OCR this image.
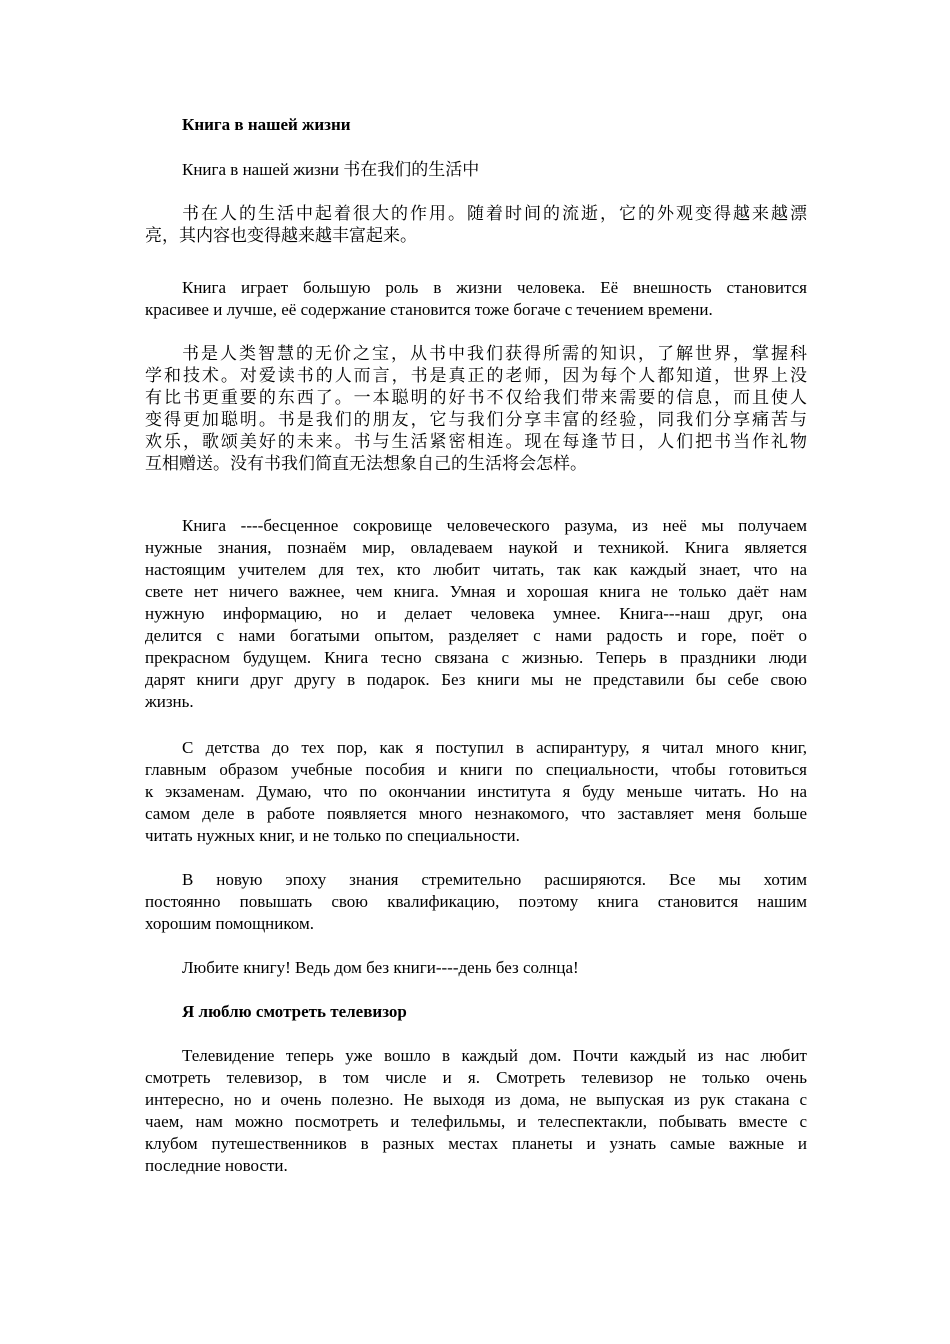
Книга в нашей жизни
Книга в нашей жизни 书在我们的生活中
书在人的生活中起着很大的作用。随着时间的流逝，它的外观变得越来越漂
亮，其内容也变得越来越丰富起来。
Книга играет большую роль в жизни человека. Её внешность становится
красивее и лучше, её содержание становится тоже богаче с течением времени.
书是人类智慧的无价之宝，从书中我们获得所需的知识，了解世界，掌握科
学和技术。对爱读书的人而言，书是真正的老师，因为每个人都知道，世界上没
有比书更重要的东西了。一本聪明的好书不仅给我们带来需要的信息，而且使人
变得更加聪明。书是我们的朋友，它与我们分享丰富的经验，同我们分享痛苦与
欢乐，歌颂美好的未来。书与生活紧密相连。现在每逢节日，人们把书当作礼物
互相赠送。没有书我们简直无法想象自己的生活将会怎样。
Книга ----бесценное сокровище человеческого разума, из неё мы получаем
нужные знания, познаём мир, овладеваем наукой и техникой. Книга является
настоящим учителем для тех, кто любит читать, так как каждый знает, что на
свете нет ничего важнее, чем книга. Умная и хорошая книга не только даёт нам
нужную информацию, но и делает человека умнее. Книга---наш друг, она
делится с нами богатыми опытом, разделяет с нами радость и горе, поёт о
прекрасном будущем. Книга тесно связана с жизнью. Теперь в праздники люди
дарят книги друг другу в подарок. Без книги мы не представили бы себе свою
жизнь.
С детства до тех пор, как я поступил в аспирантуру, я читал много книг,
главным образом учебные пособия и книги по специальности, чтобы готовиться
к экзаменам. Думаю, что по окончании института я буду меньше читать. Но на
самом деле в работе появляется много незнакомого, что заставляет меня больше
читать нужных книг, и не только по специальности.
В новую эпоху знания стремительно расширяются. Все мы хотим
постоянно повышать свою квалификацию, поэтому книга становится нашим
хорошим помощником.
Любите книгу! Ведь дом без книги----день без солнца!
Я люблю смотреть телевизор
Телевидение теперь уже вошло в каждый дом. Почти каждый из нас любит
смотреть телевизор, в том числе и я. Смотреть телевизор не только очень
интересно, но и очень полезно. Не выходя из дома, не выпуская из рук стакана с
чаем, нам можно посмотреть и телефильмы, и телеспектакли, побывать вместе с
клубом путешественников в разных местах планеты и узнать самые важные и
последние новости.
